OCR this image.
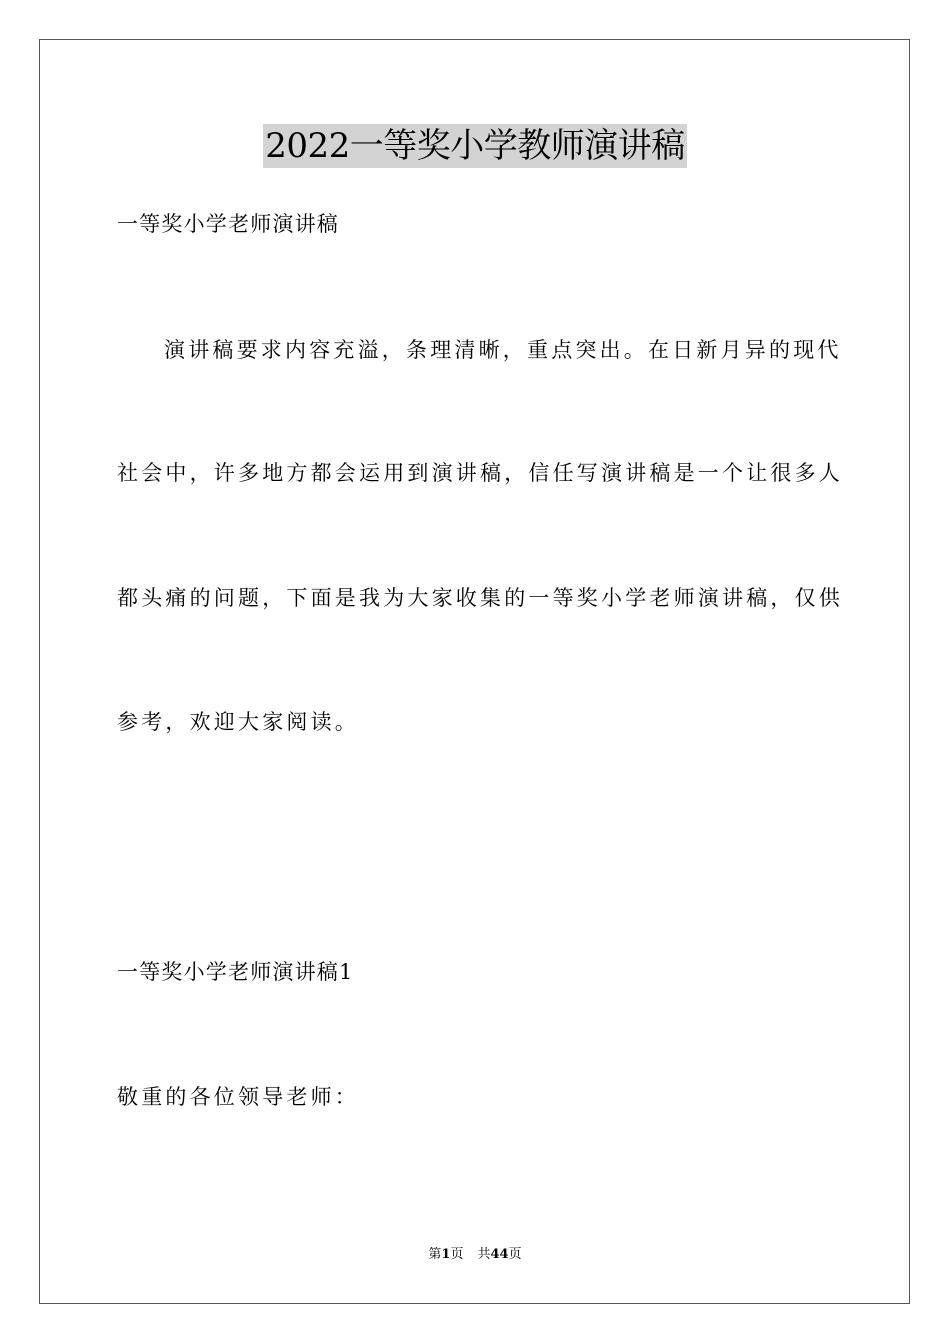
2022一等奖小学教师演讲稿
一等奖小学老师演讲稿
演讲稿要求内容充溢，条理清晰，重点突出。在日新月异的现代
社会中，许多地方都会运用到演讲稿，信任写演讲稿是一个让很多人
都头痛的问题，下面是我为大家收集的一等奖小学老师演讲稿，仅供
参考，欢迎大家阅读。
一等奖小学老师演讲稿1
敬重的各位领导老师：
第1页 共44页
